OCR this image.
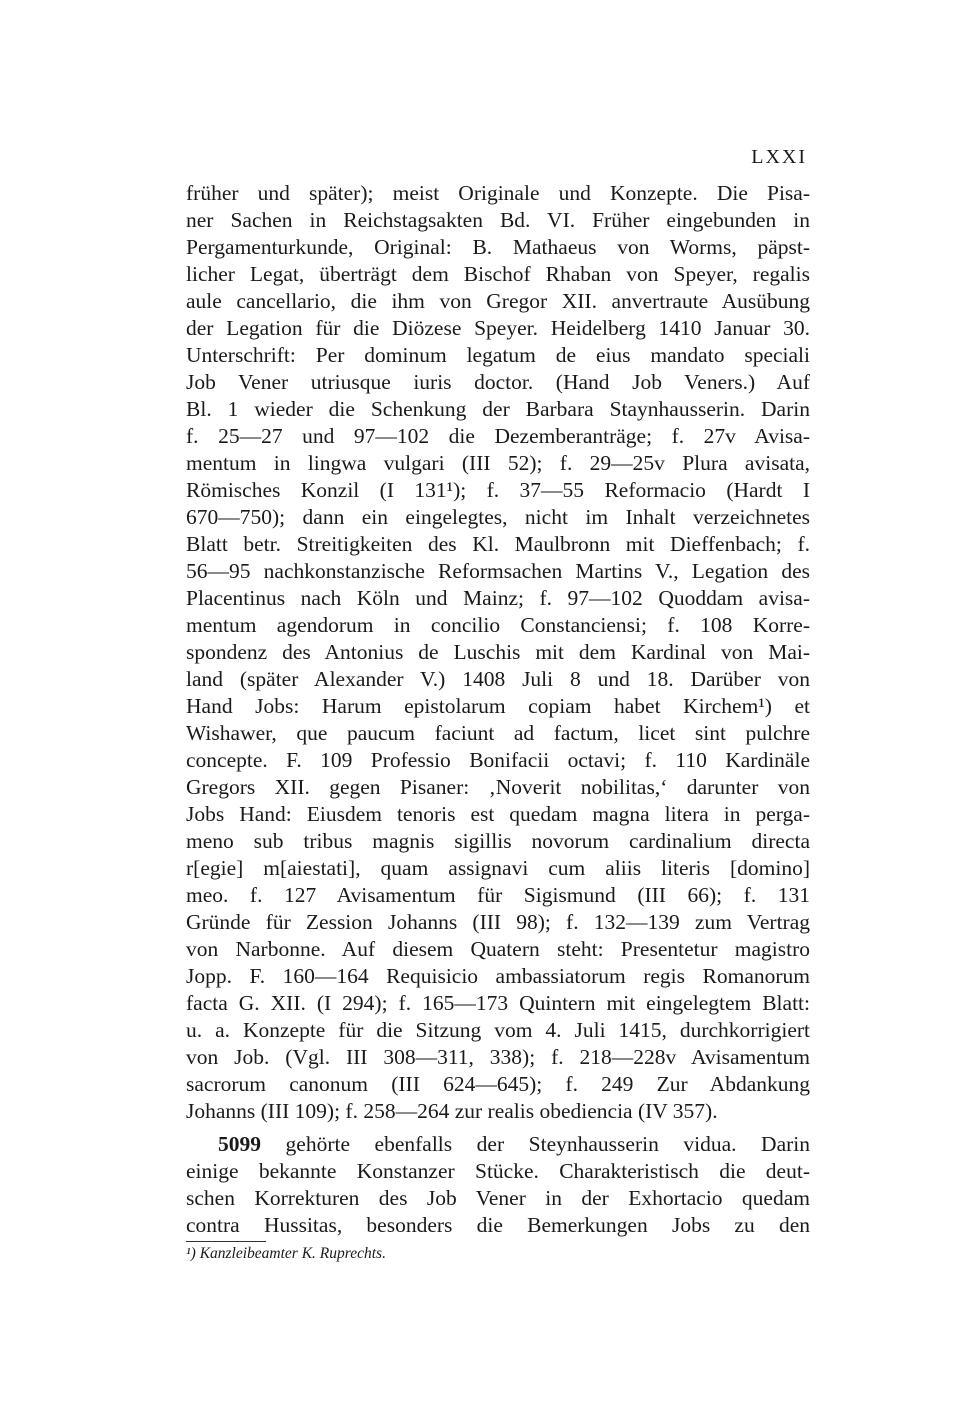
LXXI
früher und später); meist Originale und Konzepte. Die Pisa-
ner Sachen in Reichstagsakten Bd. VI. Früher eingebunden in
Pergamenturkunde, Original: B. Mathaeus von Worms, päpst-
licher Legat, überträgt dem Bischof Rhaban von Speyer, regalis
aule cancellario, die ihm von Gregor XII. anvertraute Ausübung
der Legation für die Diözese Speyer. Heidelberg 1410 Januar 30.
Unterschrift: Per dominum legatum de eius mandato speciali
Job Vener utriusque iuris doctor. (Hand Job Veners.) Auf
Bl. 1 wieder die Schenkung der Barbara Staynhausserin. Darin
f. 25—27 und 97—102 die Dezemberanträge; f. 27v Avisa-
mentum in lingwa vulgari (III 52); f. 29—25v Plura avisata,
Römisches Konzil (I 131¹); f. 37—55 Reformacio (Hardt I
670—750); dann ein eingelegtes, nicht im Inhalt verzeichnetes
Blatt betr. Streitigkeiten des Kl. Maulbronn mit Dieffenbach; f.
56—95 nachkonstanzische Reformsachen Martins V., Legation des
Placentinus nach Köln und Mainz; f. 97—102 Quoddam avisa-
mentum agendorum in concilio Constanciensi; f. 108 Korre-
spondenz des Antonius de Luschis mit dem Kardinal von Mai-
land (später Alexander V.) 1408 Juli 8 und 18. Darüber von
Hand Jobs: Harum epistolarum copiam habet Kirchem¹) et
Wishawer, que paucum faciunt ad factum, licet sint pulchre
concepte. F. 109 Professio Bonifacii octavi; f. 110 Kardinäle
Gregors XII. gegen Pisaner: ‚Noverit nobilitas,‘ darunter von
Jobs Hand: Eiusdem tenoris est quedam magna litera in perga-
meno sub tribus magnis sigillis novorum cardinalium directa
r[egie] m[aiestati], quam assignavi cum aliis literis [domino]
meo. f. 127 Avisamentum für Sigismund (III 66); f. 131
Gründe für Zession Johanns (III 98); f. 132—139 zum Vertrag
von Narbonne. Auf diesem Quatern steht: Presentetur magistro
Jopp. F. 160—164 Requisicio ambassiatorum regis Romanorum
facta G. XII. (I 294); f. 165—173 Quintern mit eingelegtem Blatt:
u. a. Konzepte für die Sitzung vom 4. Juli 1415, durchkorrigiert
von Job. (Vgl. III 308—311, 338); f. 218—228v Avisamentum
sacrorum canonum (III 624—645); f. 249 Zur Abdankung
Johanns (III 109); f. 258—264 zur realis obediencia (IV 357).
5099 gehörte ebenfalls der Steynhausserin vidua. Darin
einige bekannte Konstanzer Stücke. Charakteristisch die deut-
schen Korrekturen des Job Vener in der Exhortacio quedam
contra Hussitas, besonders die Bemerkungen Jobs zu den
¹) Kanzleibeamter K. Ruprechts.
